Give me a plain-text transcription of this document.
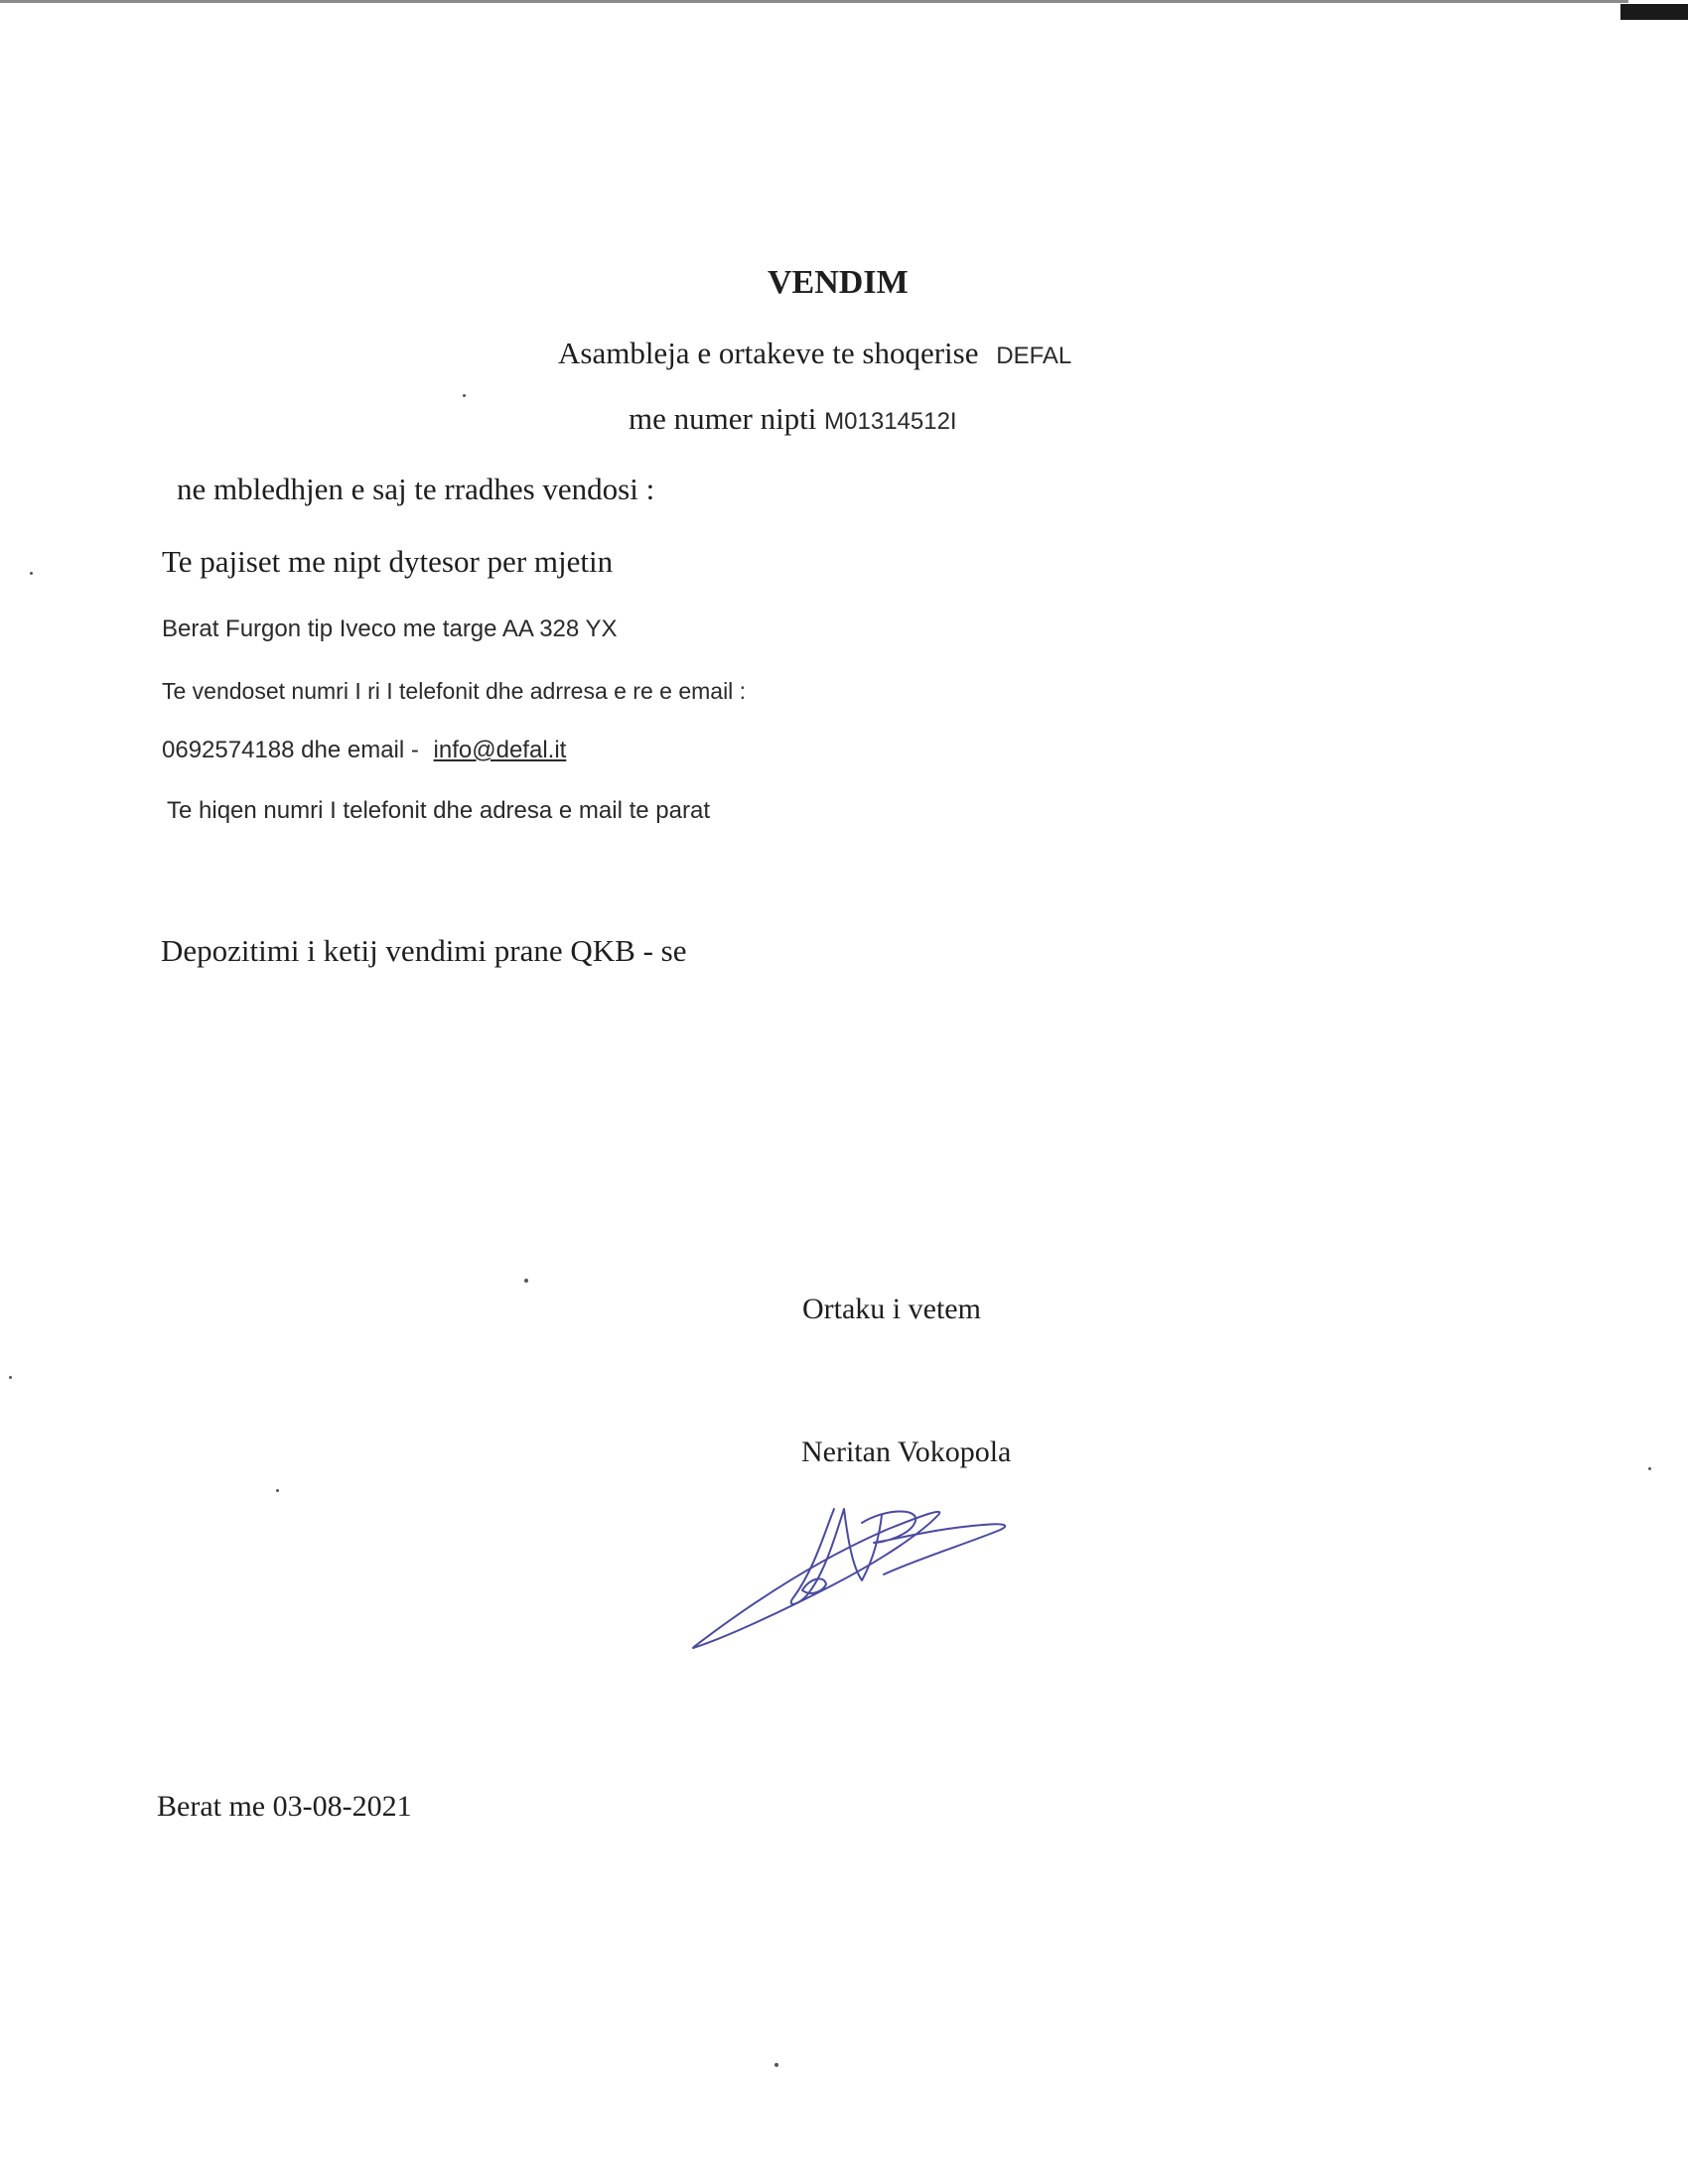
VENDIM
Asambleja e ortakeve te shoqerise DEFAL
me numer nipti M01314512I
ne mbledhjen e saj te rradhes vendosi :
Te pajiset me nipt dytesor per mjetin
Berat Furgon tip Iveco me targe AA 328 YX
Te vendoset numri I ri I telefonit dhe adrresa e re e email :
0692574188 dhe email - info@defal.it
Te hiqen numri I telefonit dhe adresa e mail te parat
Depozitimi i ketij vendimi prane QKB - se
Ortaku i vetem
Neritan Vokopola
Berat me 03-08-2021
